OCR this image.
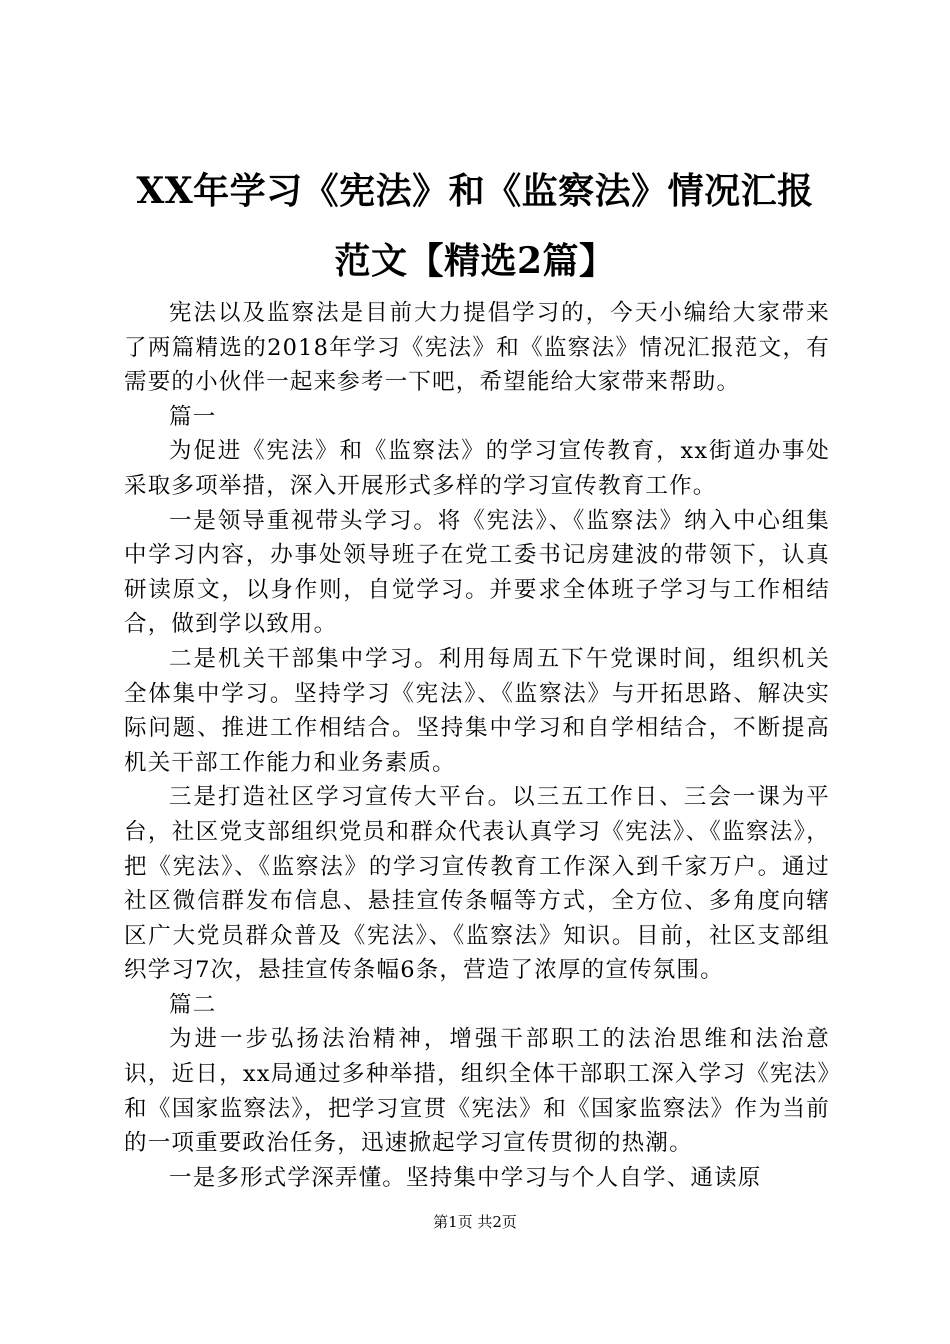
XX年学习《宪法》和《监察法》情况汇报范文【精选2篇】

宪法以及监察法是目前大力提倡学习的，今天小编给大家带来了两篇精选的2018年学习《宪法》和《监察法》情况汇报范文，有需要的小伙伴一起来参考一下吧，希望能给大家带来帮助。

篇一

为促进《宪法》和《监察法》的学习宣传教育，xx街道办事处采取多项举措，深入开展形式多样的学习宣传教育工作。

一是领导重视带头学习。将《宪法》、《监察法》纳入中心组集中学习内容，办事处领导班子在党工委书记房建波的带领下，认真研读原文，以身作则，自觉学习。并要求全体班子学习与工作相结合，做到学以致用。

二是机关干部集中学习。利用每周五下午党课时间，组织机关全体集中学习。坚持学习《宪法》、《监察法》与开拓思路、解决实际问题、推进工作相结合。坚持集中学习和自学相结合，不断提高机关干部工作能力和业务素质。

三是打造社区学习宣传大平台。以三五工作日、三会一课为平台，社区党支部组织党员和群众代表认真学习《宪法》、《监察法》，把《宪法》、《监察法》的学习宣传教育工作深入到千家万户。通过社区微信群发布信息、悬挂宣传条幅等方式，全方位、多角度向辖区广大党员群众普及《宪法》、《监察法》知识。目前，社区支部组织学习7次，悬挂宣传条幅6条，营造了浓厚的宣传氛围。

篇二

为进一步弘扬法治精神，增强干部职工的法治思维和法治意识，近日，xx局通过多种举措，组织全体干部职工深入学习《宪法》和《国家监察法》，把学习宣贯《宪法》和《国家监察法》作为当前的一项重要政治任务，迅速掀起学习宣传贯彻的热潮。

一是多形式学深弄懂。坚持集中学习与个人自学、通读原

第1页 共2页
